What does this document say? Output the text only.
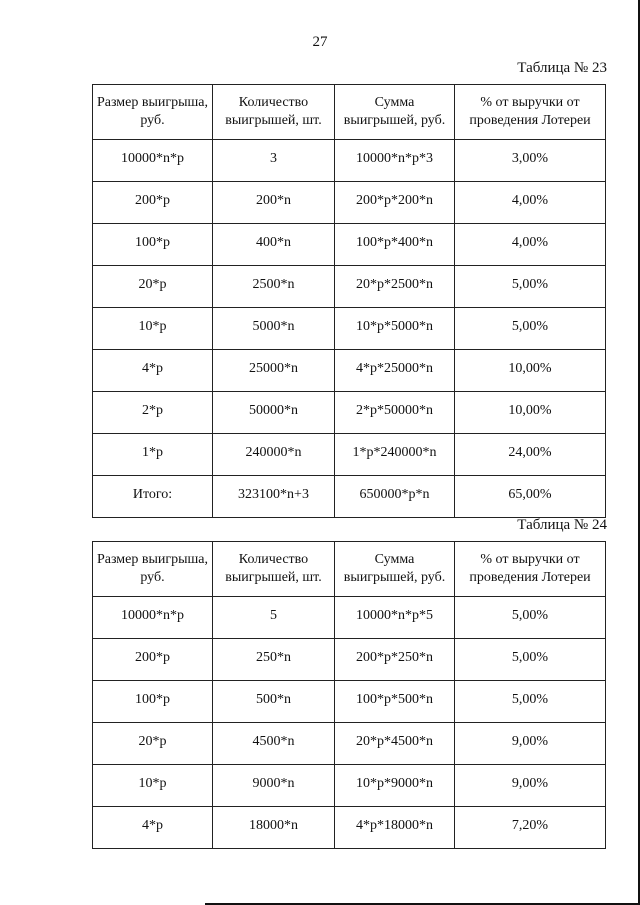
27
Таблица № 23
Размер выигрыша, руб.	Количество выигрышей, шт.	Сумма выигрышей, руб.	% от выручки от проведения Лотереи
10000*n*p	3	10000*n*p*3	3,00%
200*p	200*n	200*p*200*n	4,00%
100*p	400*n	100*p*400*n	4,00%
20*p	2500*n	20*p*2500*n	5,00%
10*p	5000*n	10*p*5000*n	5,00%
4*p	25000*n	4*p*25000*n	10,00%
2*p	50000*n	2*p*50000*n	10,00%
1*p	240000*n	1*p*240000*n	24,00%
Итого:	323100*n+3	650000*p*n	65,00%
Таблица № 24
Размер выигрыша, руб.	Количество выигрышей, шт.	Сумма выигрышей, руб.	% от выручки от проведения Лотереи
10000*n*p	5	10000*n*p*5	5,00%
200*p	250*n	200*p*250*n	5,00%
100*p	500*n	100*p*500*n	5,00%
20*p	4500*n	20*p*4500*n	9,00%
10*p	9000*n	10*p*9000*n	9,00%
4*p	18000*n	4*p*18000*n	7,20%
